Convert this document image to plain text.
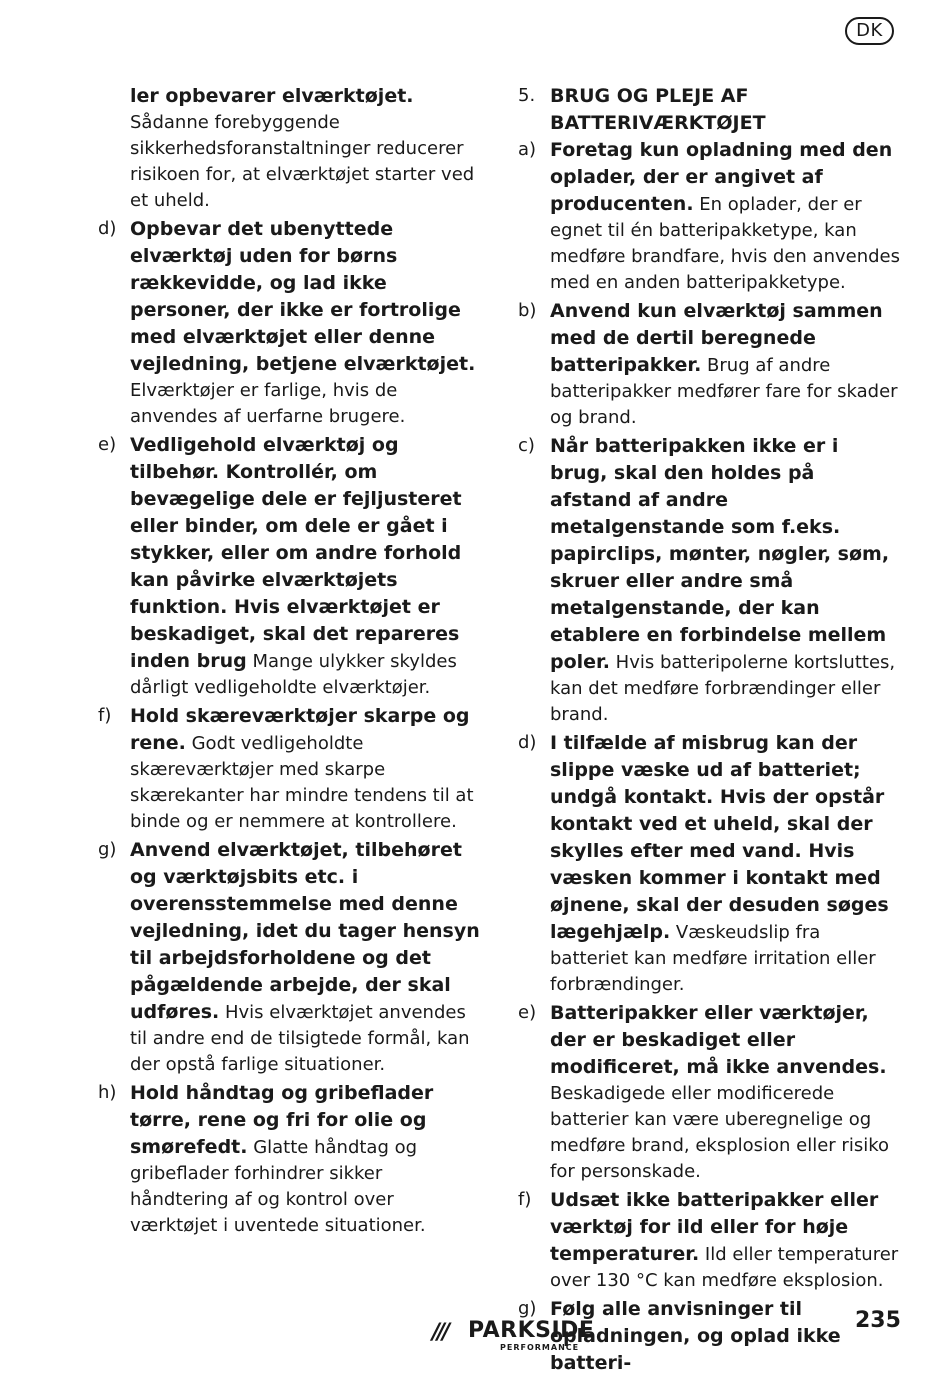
DK
ler opbevarer elværktøjet. Sådanne forebyggende sikkerhedsforanstaltninger reducerer risikoen for, at elværktøjet starter ved et uheld.
d) Opbevar det ubenyttede elværktøj uden for børns rækkevidde, og lad ikke personer, der ikke er fortrolige med elværktøjet eller denne vejledning, betjene elværktøjet. Elværktøjer er farlige, hvis de anvendes af uerfarne brugere.
e) Vedligehold elværktøj og tilbehør. Kontrollér, om bevægelige dele er fejljusteret eller binder, om dele er gået i stykker, eller om andre forhold kan påvirke elværktøjets funktion. Hvis elværktøjet er beskadiget, skal det repareres inden brug Mange ulykker skyldes dårligt vedligeholdte elværktøjer.
f) Hold skæreværktøjer skarpe og rene. Godt vedligeholdte skæreværktøjer med skarpe skærekanter har mindre tendens til at binde og er nemmere at kontrollere.
g) Anvend elværktøjet, tilbehøret og værktøjsbits etc. i overensstemmelse med denne vejledning, idet du tager hensyn til arbejdsforholdene og det pågældende arbejde, der skal udføres. Hvis elværktøjet anvendes til andre end de tilsigtede formål, kan der opstå farlige situationer.
h) Hold håndtag og gribeflader tørre, rene og fri for olie og smørefedt. Glatte håndtag og gribeflader forhindrer sikker håndtering af og kontrol over værktøjet i uventede situationer.
5. BRUG OG PLEJE AF BATTERIVÆRKTØJET
a) Foretag kun opladning med den oplader, der er angivet af producenten. En oplader, der er egnet til én batteripakketype, kan medføre brandfare, hvis den anvendes med en anden batteripakketype.
b) Anvend kun elværktøj sammen med de dertil beregnede batteripakker. Brug af andre batteripakker medfører fare for skader og brand.
c) Når batteripakken ikke er i brug, skal den holdes på afstand af andre metalgenstande som f.eks. papirclips, mønter, nøgler, søm, skruer eller andre små metalgenstande, der kan etablere en forbindelse mellem poler. Hvis batteripolerne kortsluttes, kan det medføre forbrændinger eller brand.
d) I tilfælde af misbrug kan der slippe væske ud af batteriet; undgå kontakt. Hvis der opstår kontakt ved et uheld, skal der skylles efter med vand. Hvis væsken kommer i kontakt med øjnene, skal der desuden søges lægehjælp. Væskeudslip fra batteriet kan medføre irritation eller forbrændinger.
e) Batteripakker eller værktøjer, der er beskadiget eller modificeret, må ikke anvendes. Beskadigede eller modificerede batterier kan være uberegnelige og medføre brand, eksplosion eller risiko for personskade.
f) Udsæt ikke batteripakker eller værktøj for ild eller for høje temperaturer. Ild eller temperaturer over 130 °C kan medføre eksplosion.
g) Følg alle anvisninger til opladningen, og oplad ikke batteri-
/// PARKSIDE
PERFORMANCE
235
